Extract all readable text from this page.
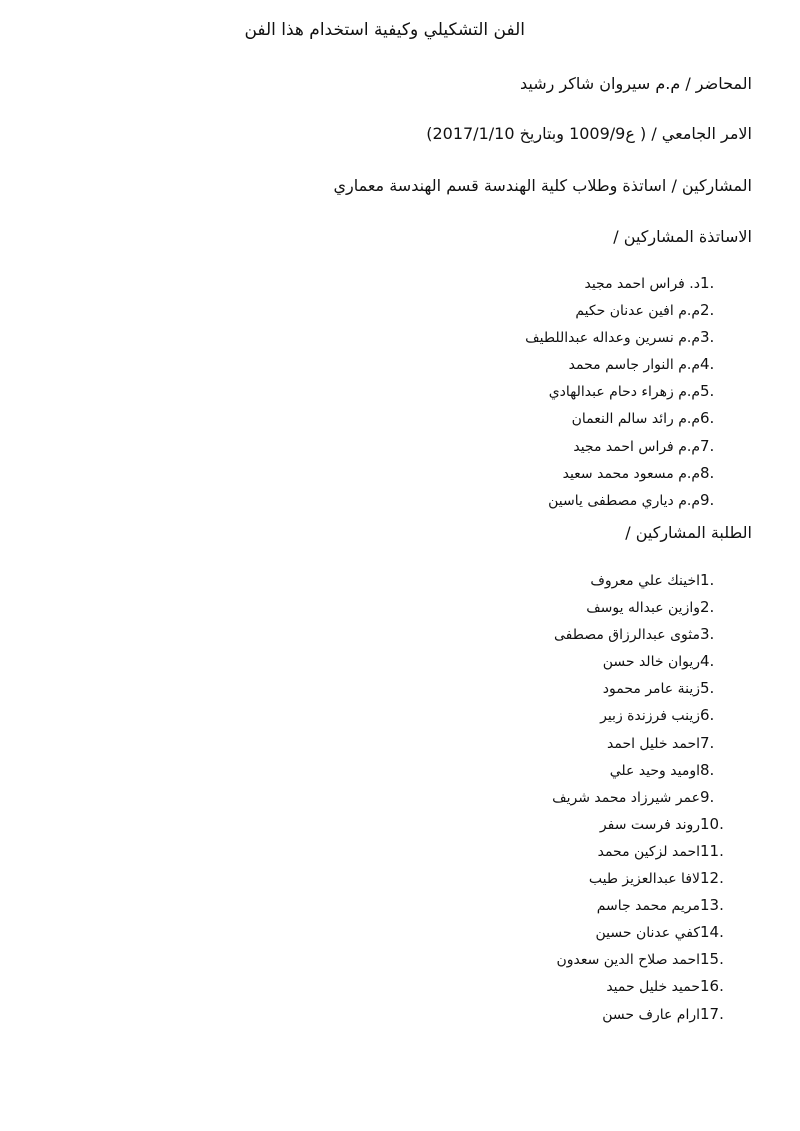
الفن التشكيلي وكيفية استخدام هذا الفن
المحاضر / م.م سيروان شاكر رشيد
الامر الجامعي / ( ع1009/9 وبتاريخ 2017/1/10)
المشاركين / اساتذة وطلاب كلية الهندسة قسم الهندسة معماري
الاساتذة المشاركين /
د. فراس احمد مجيد1.
م.م افين عدنان حكيم2.
م.م نسرين وعداله عبداللطيف3.
م.م النوار جاسم محمد4.
م.م زهراء دحام عبدالهادي5.
م.م رائد سالم النعمان6.
م.م فراس احمد مجيد7.
م.م مسعود محمد سعيد8.
م.م دياري مصطفى ياسين9.
الطلبة المشاركين /
اخينك علي معروف1.
وازين عبداله يوسف2.
مثوى عبدالرزاق مصطفى3.
ريوان خالد حسن4.
زينة عامر محمود5.
زينب فرزندة زبير6.
احمد خليل احمد7.
اوميد وحيد علي8.
عمر شيرزاد محمد شريف9.
روند فرست سفر10.
احمد لزكين محمد11.
لافا عبدالعزيز طيب12.
مريم محمد جاسم13.
كفي عدنان حسين14.
احمد صلاح الدين سعدون15.
حميد خليل حميد16.
ارام عارف حسن17.
